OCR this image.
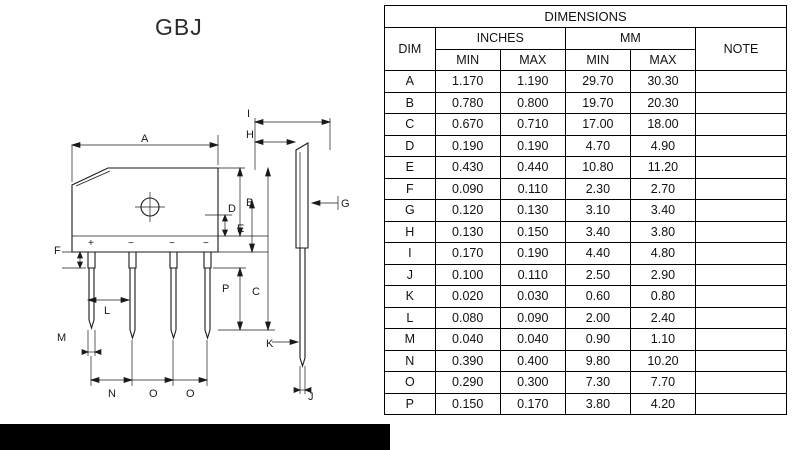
GBJ
+	~	~	−
A
B
C
D
E
F
G
H
I
J
K
L
M
N	O	O
P
DIMENSIONS					
DIM	INCHES		MM		NOTE
	MIN	MAX	MIN	MAX	
A	1.170	1.190	29.70	30.30	
B	0.780	0.800	19.70	20.30	
C	0.670	0.710	17.00	18.00	
D	0.190	0.190	4.70	4.90	
E	0.430	0.440	10.80	11.20	
F	0.090	0.110	2.30	2.70	
G	0.120	0.130	3.10	3.40	
H	0.130	0.150	3.40	3.80	
I	0.170	0.190	4.40	4.80	
J	0.100	0.110	2.50	2.90	
K	0.020	0.030	0.60	0.80	
L	0.080	0.090	2.00	2.40	
M	0.040	0.040	0.90	1.10	
N	0.390	0.400	9.80	10.20	
O	0.290	0.300	7.30	7.70	
P	0.150	0.170	3.80	4.20	
